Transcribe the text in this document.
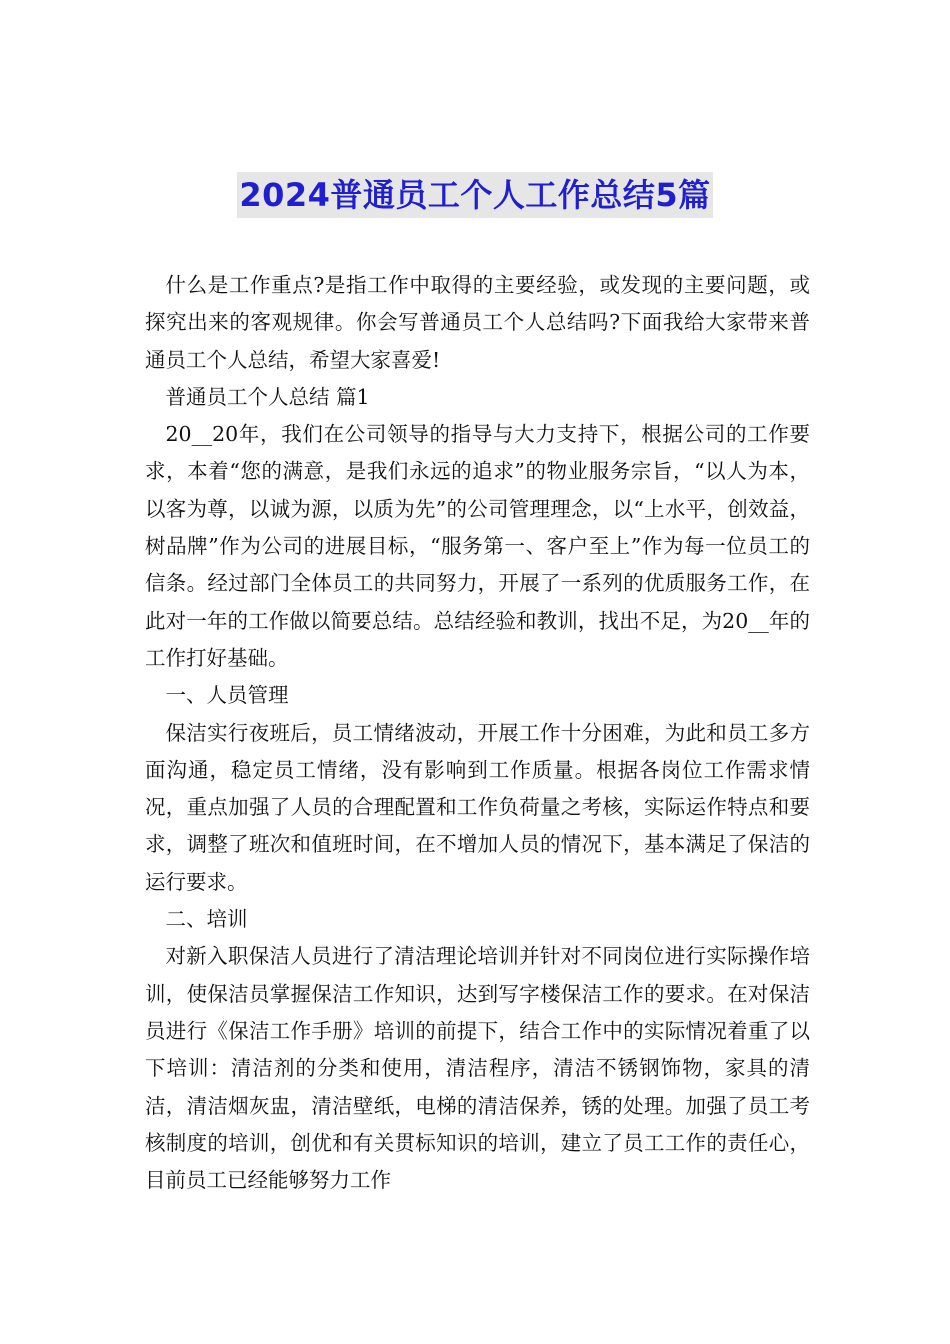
2024普通员工个人工作总结5篇

什么是工作重点?是指工作中取得的主要经验，或发现的主要问题，或探究出来的客观规律。你会写普通员工个人总结吗?下面我给大家带来普通员工个人总结，希望大家喜爱!

普通员工个人总结 篇1

20__20年，我们在公司领导的指导与大力支持下，根据公司的工作要求，本着“您的满意，是我们永远的追求”的物业服务宗旨，“以人为本，以客为尊，以诚为源，以质为先”的公司管理理念，以“上水平，创效益，树品牌”作为公司的进展目标，“服务第一、客户至上”作为每一位员工的信条。经过部门全体员工的共同努力，开展了一系列的优质服务工作，在此对一年的工作做以简要总结。总结经验和教训，找出不足，为20__年的工作打好基础。

一、人员管理

保洁实行夜班后，员工情绪波动，开展工作十分困难，为此和员工多方面沟通，稳定员工情绪，没有影响到工作质量。根据各岗位工作需求情况，重点加强了人员的合理配置和工作负荷量之考核，实际运作特点和要求，调整了班次和值班时间，在不增加人员的情况下，基本满足了保洁的运行要求。

二、培训

对新入职保洁人员进行了清洁理论培训并针对不同岗位进行实际操作培训，使保洁员掌握保洁工作知识，达到写字楼保洁工作的要求。在对保洁员进行《保洁工作手册》培训的前提下，结合工作中的实际情况着重了以下培训：清洁剂的分类和使用，清洁程序，清洁不锈钢饰物，家具的清洁，清洁烟灰盅，清洁壁纸，电梯的清洁保养，锈的处理。加强了员工考核制度的培训，创优和有关贯标知识的培训，建立了员工工作的责任心，目前员工已经能够努力工作
